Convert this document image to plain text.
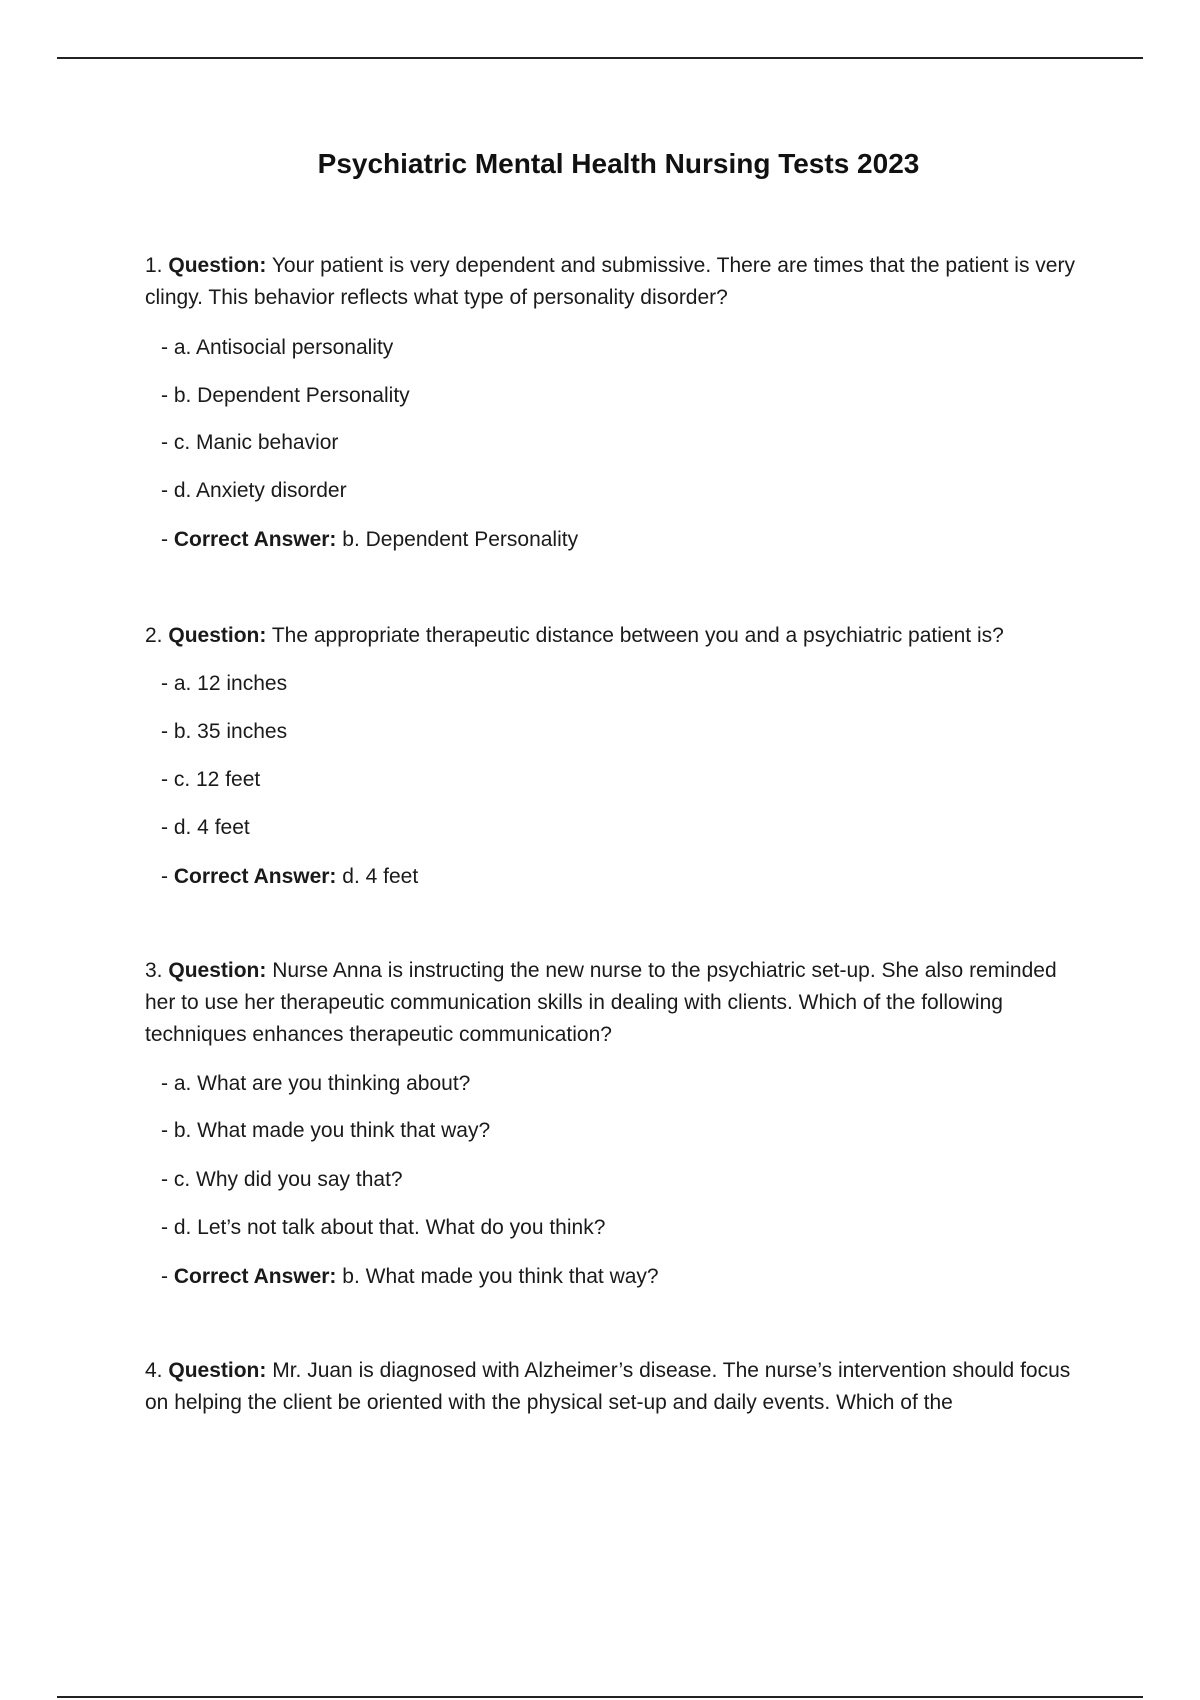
Psychiatric Mental Health Nursing Tests 2023
1. Question: Your patient is very dependent and submissive. There are times that the patient is very clingy. This behavior reflects what type of personality disorder?
- a. Antisocial personality
- b. Dependent Personality
- c. Manic behavior
- d. Anxiety disorder
- Correct Answer: b. Dependent Personality
2. Question: The appropriate therapeutic distance between you and a psychiatric patient is?
- a. 12 inches
- b. 35 inches
- c. 12 feet
- d. 4 feet
- Correct Answer: d. 4 feet
3. Question: Nurse Anna is instructing the new nurse to the psychiatric set-up. She also reminded her to use her therapeutic communication skills in dealing with clients. Which of the following techniques enhances therapeutic communication?
- a. What are you thinking about?
- b. What made you think that way?
- c. Why did you say that?
- d. Let’s not talk about that. What do you think?
- Correct Answer: b. What made you think that way?
4. Question: Mr. Juan is diagnosed with Alzheimer’s disease. The nurse’s intervention should focus on helping the client be oriented with the physical set-up and daily events. Which of the
